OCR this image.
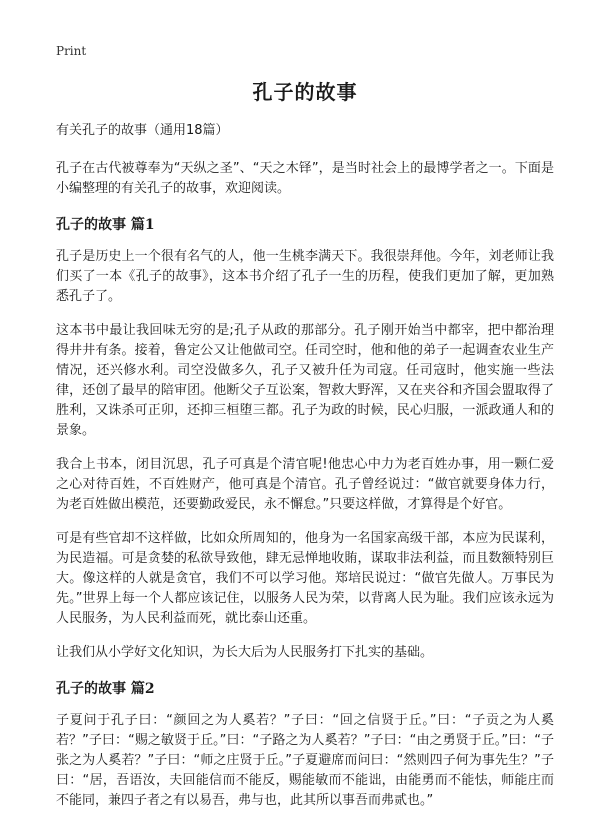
Print
孔子的故事
有关孔子的故事（通用18篇）

孔子在古代被尊奉为“天纵之圣”、“天之木铎”，是当时社会上的最博学者之一。下面是小编整理的有关孔子的故事，欢迎阅读。

孔子的故事 篇1

孔子是历史上一个很有名气的人，他一生桃李满天下。我很崇拜他。今年，刘老师让我们买了一本《孔子的故事》，这本书介绍了孔子一生的历程，使我们更加了解，更加熟悉孔子了。

这本书中最让我回味无穷的是;孔子从政的那部分。孔子刚开始当中都宰，把中都治理得井井有条。接着，鲁定公又让他做司空。任司空时，他和他的弟子一起调查农业生产情况，还兴修水利。司空没做多久，孔子又被升任为司寇。任司寇时，他实施一些法律，还创了最早的陪审团。他断父子互讼案，智救大野浑，又在夹谷和齐国会盟取得了胜利，又诛杀可正卯，还抑三桓堕三都。孔子为政的时候，民心归服，一派政通人和的景象。

我合上书本，闭目沉思，孔子可真是个清官呢!他忠心中力为老百姓办事，用一颗仁爱之心对待百姓，不百姓财产，他可真是个清官。孔子曾经说过：“做官就要身体力行，为老百姓做出模范，还要勤政爱民，永不懈怠。”只要这样做，才算得是个好官。

可是有些官却不这样做，比如众所周知的，他身为一名国家高级干部，本应为民谋利，为民造福。可是贪婪的私欲导致他，肆无忌惮地收賄，谋取非法利益，而且数额特别巨大。像这样的人就是贪官，我们不可以学习他。郑培民说过：“做官先做人。万事民为先。”世界上每一个人都应该记住，以服务人民为荣，以背离人民为耻。我们应该永远为人民服务，为人民利益而死，就比泰山还重。

让我们从小学好文化知识，为长大后为人民服务打下扎实的基础。

孔子的故事 篇2

子夏问于孔子曰：“颜回之为人奚若？”子曰：“回之信贤于丘。”曰：“子贡之为人奚若？”子曰：“赐之敏贤于丘。”曰：“子路之为人奚若？”子曰：“由之勇贤于丘。”曰：“子张之为人奚若？”子曰：“师之庄贤于丘。”子夏避席而问曰：“然则四子何为事先生？”子曰：“居，吾语汝，夫回能信而不能反，赐能敏而不能诎，由能勇而不能怯，师能庄而不能同，兼四子者之有以易吾，弗与也，此其所以事吾而弗贰也。”
